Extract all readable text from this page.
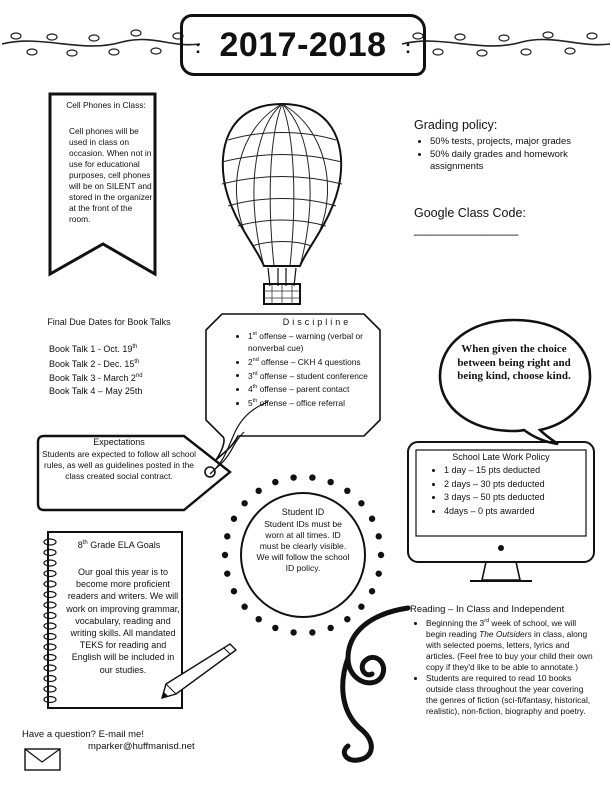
:	:
2017-2018
Cell Phones in Class:
Cell phones will be used in class on occasion. When not in use for educational purposes, cell phones will be on SILENT and stored in the organizer at the front of the room.
Grading policy:
• 50% tests, projects, major grades
• 50% daily grades and homework assignments
Google Class Code:
_______________
Final Due Dates for Book Talks
Book Talk 1 - Oct. 19th
Book Talk 2 - Dec. 15th
Book Talk 3 - March 2nd
Book Talk 4 – May 25th
Discipline
• 1st offense – warning (verbal or nonverbal cue)
• 2nd offense – CKH 4 questions
• 3rd offense – student conference
• 4th offense – parent contact
• 5th offense – office referral
When given the choice between being right and being kind, choose kind.
Expectations
Students are expected to follow all school rules, as well as guidelines posted in the class created social contract.
School Late Work Policy
• 1 day – 15 pts deducted
• 2 days – 30 pts deducted
• 3 days – 50 pts deducted
• 4days – 0 pts awarded
Student ID
Student IDs must be worn at all times. ID must be clearly visible. We will follow the school ID policy.
8th Grade ELA Goals
Our goal this year is to become more proficient readers and writers. We will work on improving grammar, vocabulary, reading and writing skills. All mandated TEKS for reading and English will be included in our studies.
Reading – In Class and Independent
• Beginning the 3rd week of school, we will begin reading The Outsiders in class, along with selected poems, letters, lyrics and articles. (Feel free to buy your child their own copy if they'd like to be able to annotate.)
• Students are required to read 10 books outside class throughout the year covering the genres of fiction (sci-fi/fantasy, historical, realistic), non-fiction, biography and poetry.
Have a question? E-mail me!
mparker@huffmanisd.net
